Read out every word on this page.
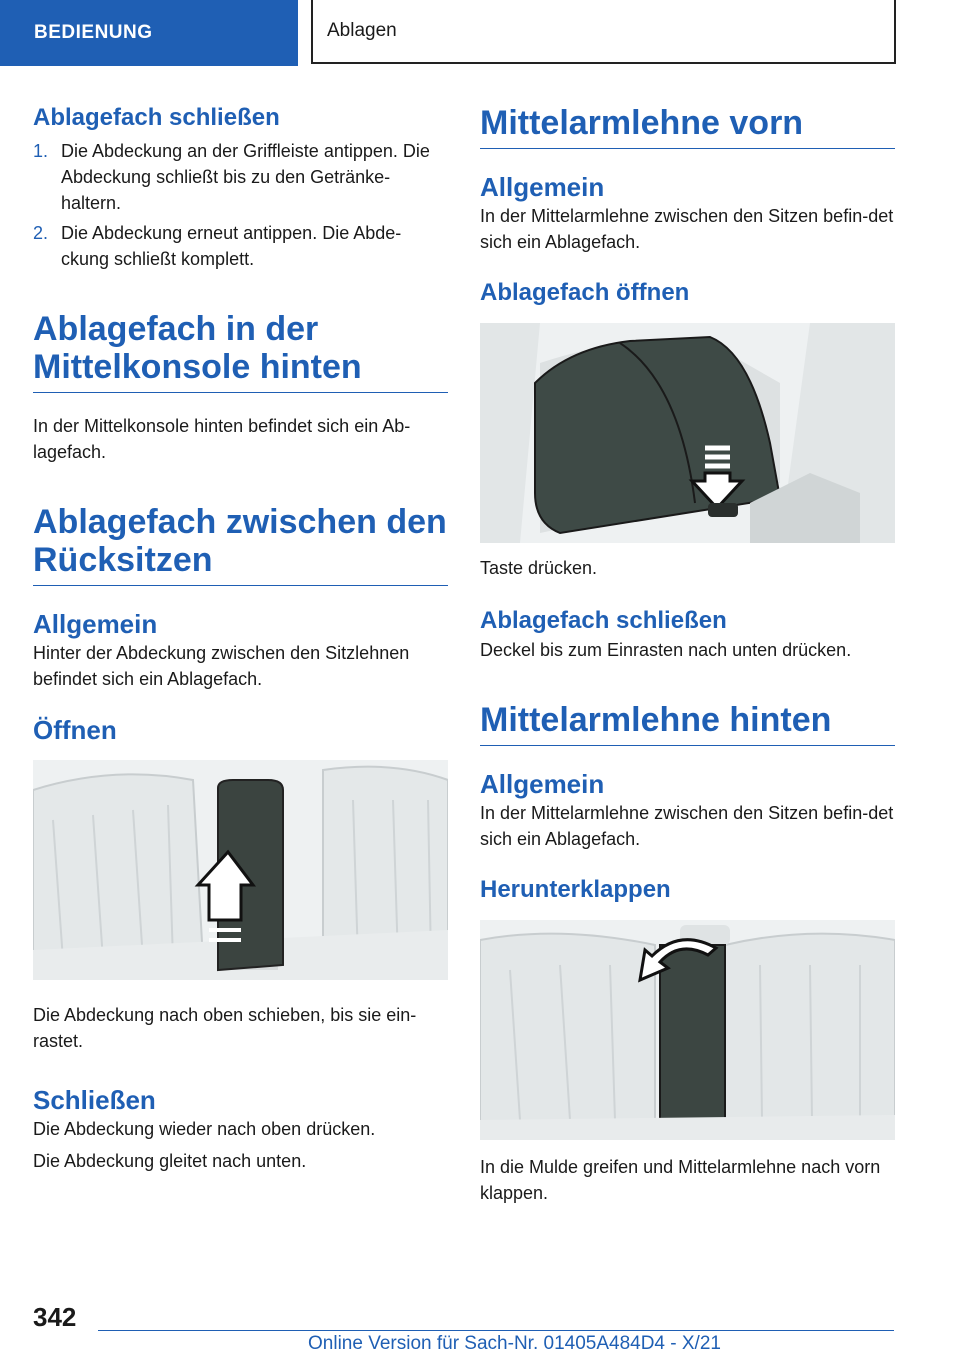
BEDIENUNG	Ablagen
Ablagefach schließen
1. Die Abdeckung an der Griffleiste antippen. Die Abdeckung schließt bis zu den Getränke-haltern.
2. Die Abdeckung erneut antippen. Die Abde-ckung schließt komplett.
Ablagefach in der Mittelkonsole hinten

In der Mittelkonsole hinten befindet sich ein Ab-lagefach.

Ablagefach zwischen den Rücksitzen
Allgemein

Hinter der Abdeckung zwischen den Sitzlehnen befindet sich ein Ablagefach.

Öffnen

Die Abdeckung nach oben schieben, bis sie ein-rastet.

Schließen

Die Abdeckung wieder nach oben drücken.

Die Abdeckung gleitet nach unten.

Mittelarmlehne vorn
Allgemein

In der Mittelarmlehne zwischen den Sitzen befin-det sich ein Ablagefach.

Ablagefach öffnen

Taste drücken.

Ablagefach schließen

Deckel bis zum Einrasten nach unten drücken.

Mittelarmlehne hinten
Allgemein

In der Mittelarmlehne zwischen den Sitzen befin-det sich ein Ablagefach.

Herunterklappen

In die Mulde greifen und Mittelarmlehne nach vorn klappen.

342
Online Version für Sach-Nr. 01405A484D4 - X/21
